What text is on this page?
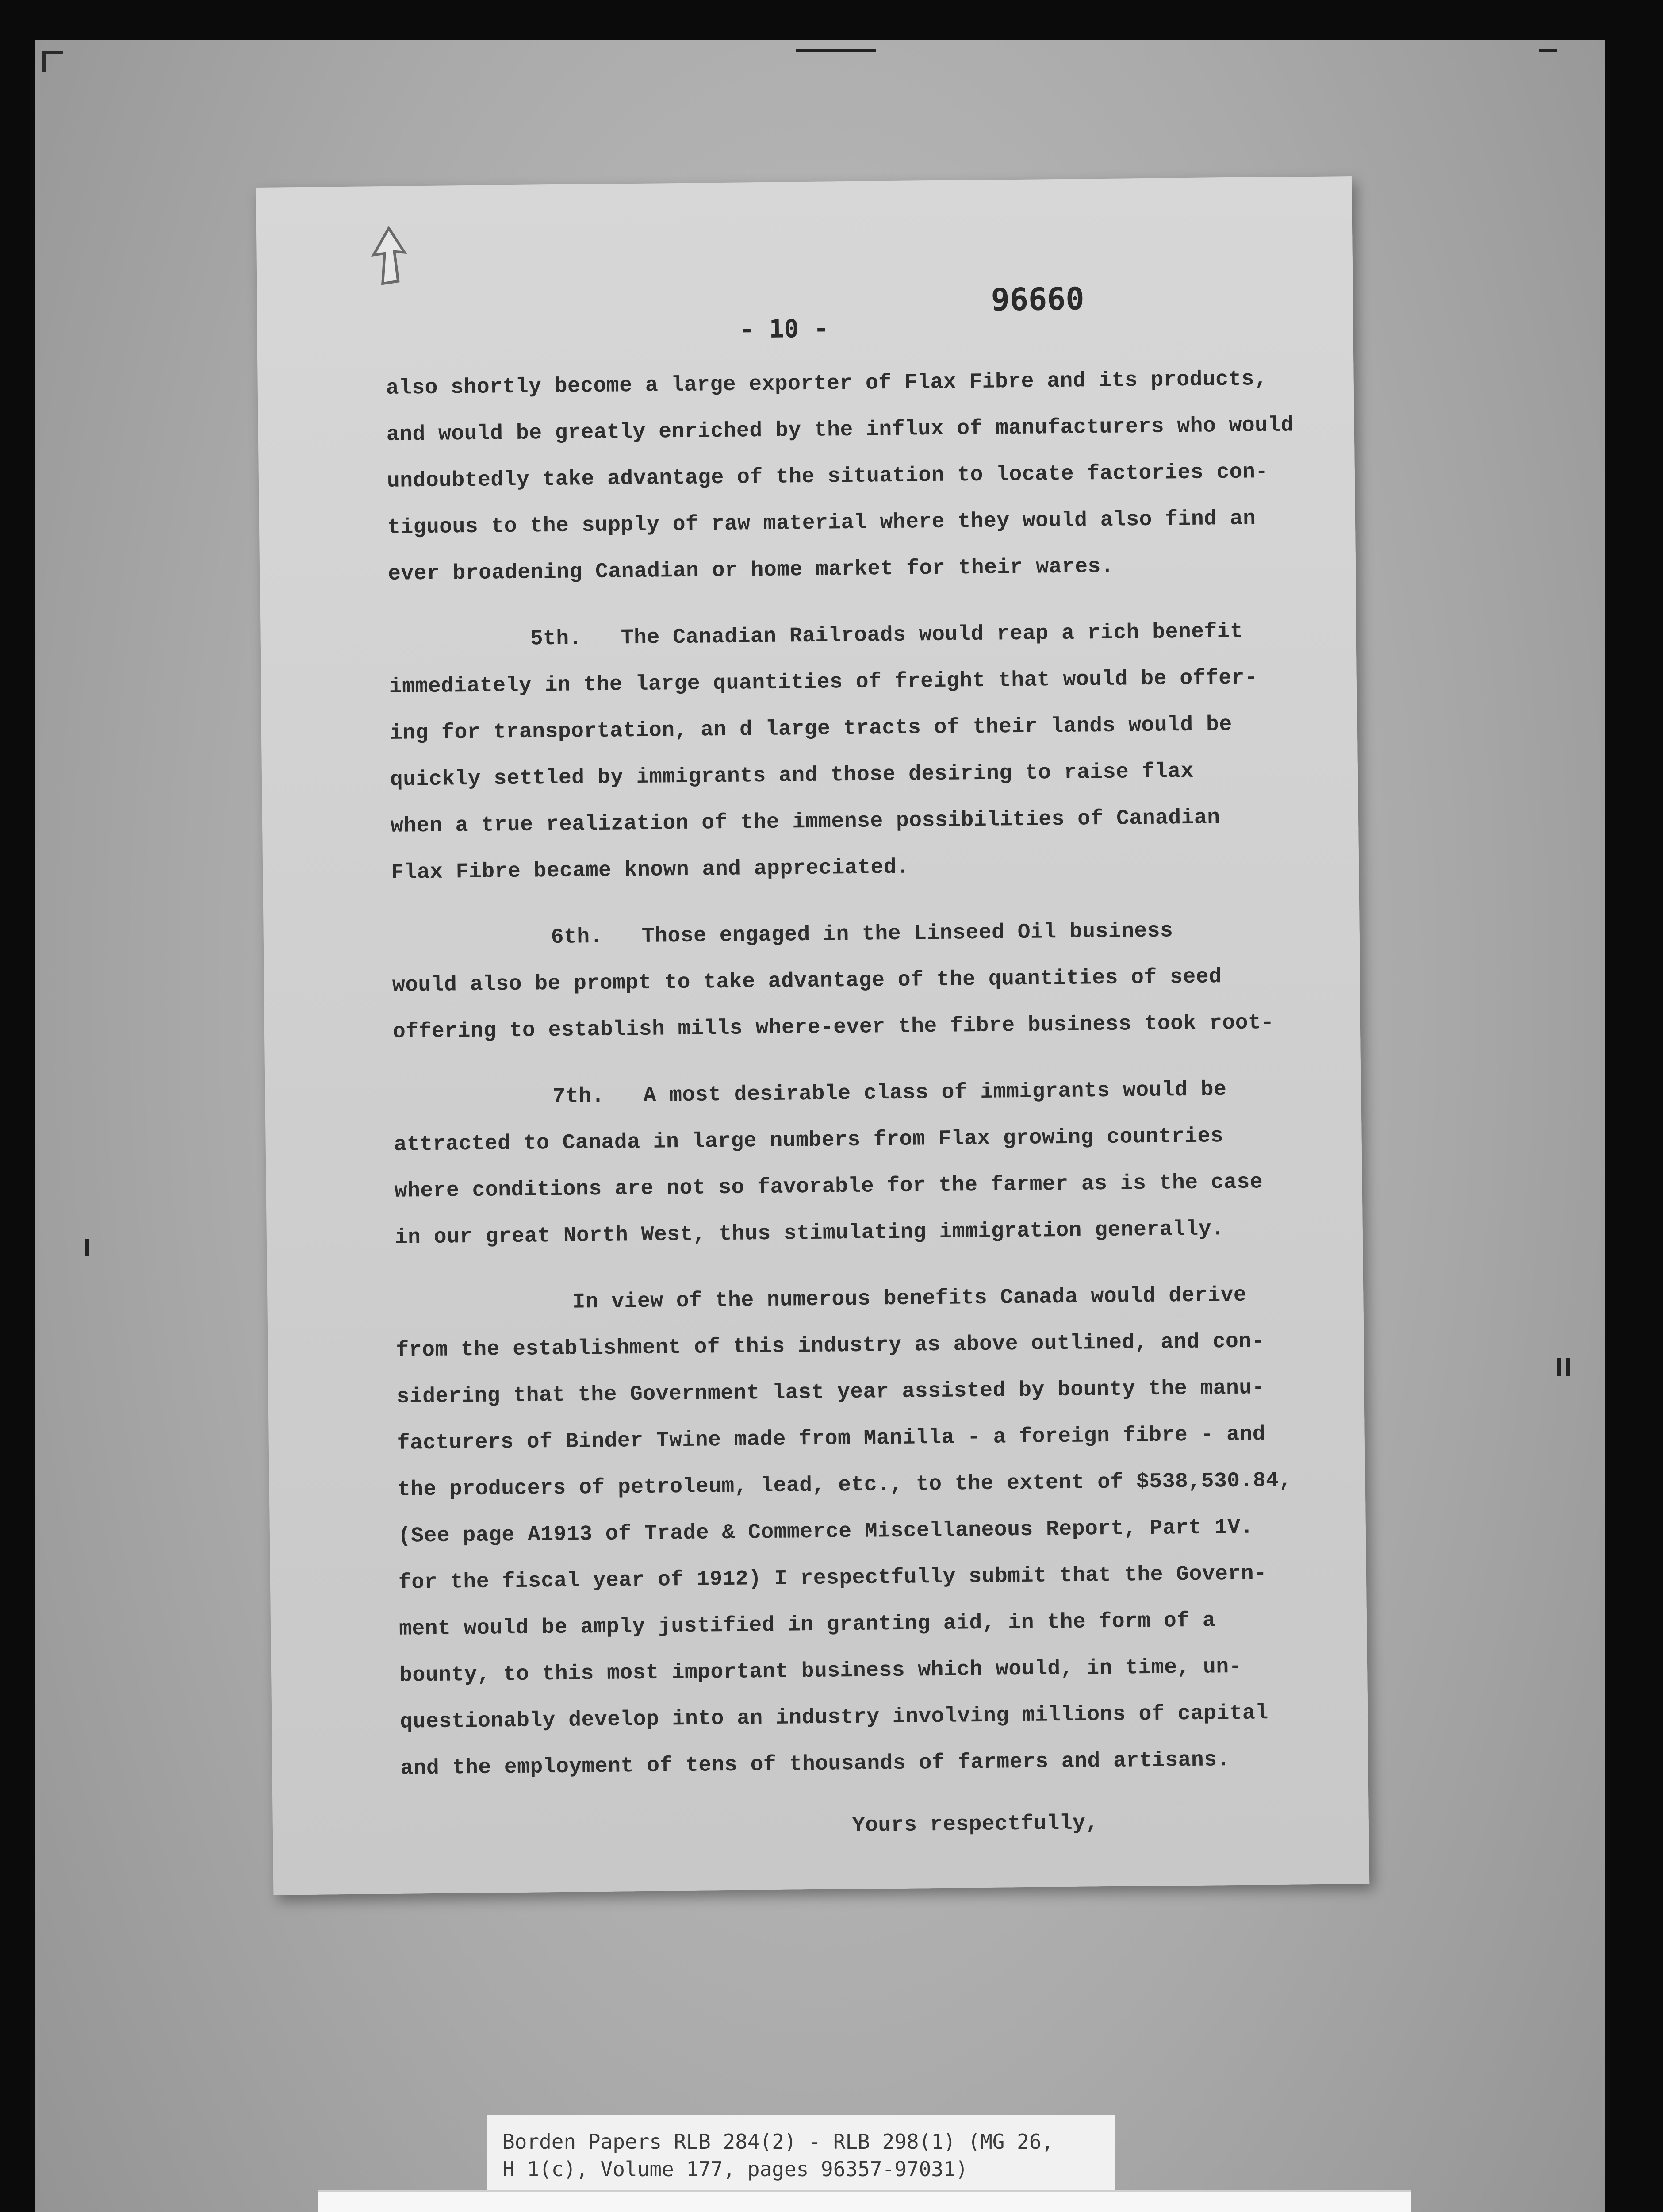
96660
- 10 -
also shortly become a large exporter of Flax Fibre and its products,
and would be greatly enriched by the influx of manufacturers who would
undoubtedly take advantage of the situation to locate factories con-
tiguous to the supply of raw material where they would also find an
ever broadening Canadian or home market for their wares.
5th.   The Canadian Railroads would reap a rich benefit
immediately in the large quantities of freight that would be offer-
ing for transportation, an d large tracts of their lands would be
quickly settled by immigrants and those desiring to raise flax
when a true realization of the immense possibilities of Canadian
Flax Fibre became known and appreciated.
6th.   Those engaged in the Linseed Oil business
would also be prompt to take advantage of the quantities of seed
offering to establish mills where-ever the fibre business took root-
7th.   A most desirable class of immigrants would be
attracted to Canada in large numbers from Flax growing countries
where conditions are not so favorable for the farmer as is the case
in our great North West, thus stimulating immigration generally.
In view of the numerous benefits Canada would derive
from the establishment of this industry as above outlined, and con-
sidering that the Government last year assisted by bounty the manu-
facturers of Binder Twine made from Manilla - a foreign fibre - and
the producers of petroleum, lead, etc., to the extent of $538,530.84,
(See page A1913 of Trade & Commerce Miscellaneous Report, Part 1V.
for the fiscal year of 1912) I respectfully submit that the Govern-
ment would be amply justified in granting aid, in the form of a
bounty, to this most important business which would, in time, un-
questionably develop into an industry involving millions of capital
and the employment of tens of thousands of farmers and artisans.
Yours respectfully,
Borden Papers RLB 284(2) - RLB 298(1) (MG 26,
H 1(c), Volume 177, pages 96357-97031)
